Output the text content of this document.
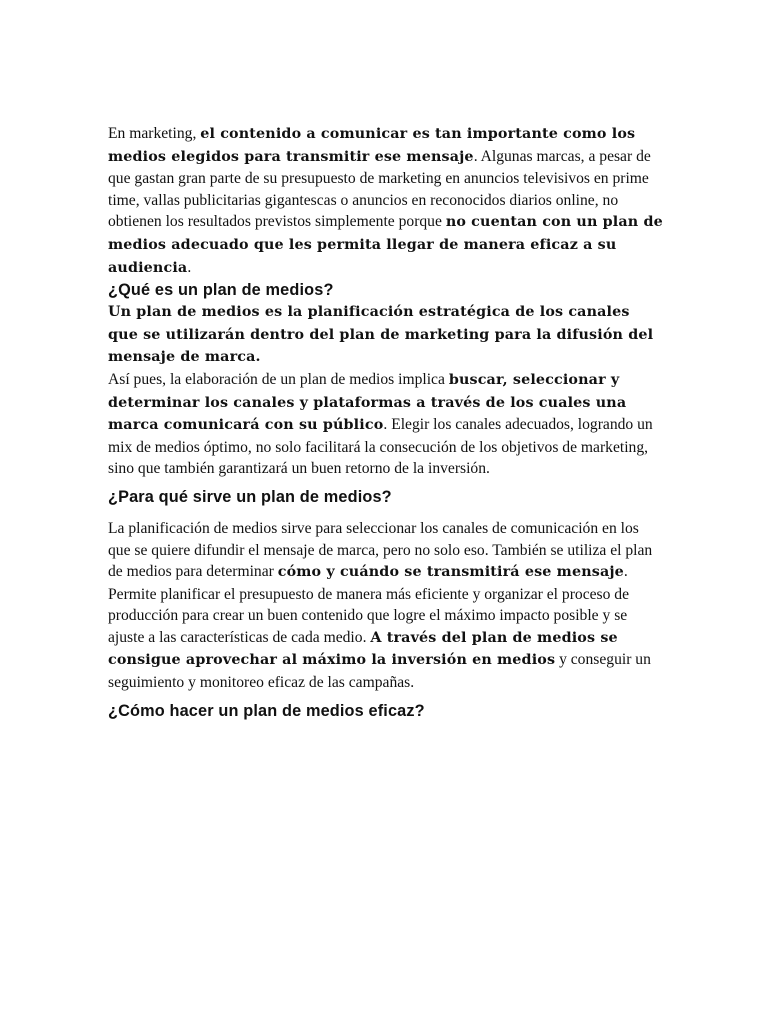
En marketing, el contenido a comunicar es tan importante como los medios elegidos para transmitir ese mensaje. Algunas marcas, a pesar de que gastan gran parte de su presupuesto de marketing en anuncios televisivos en prime time, vallas publicitarias gigantescas o anuncios en reconocidos diarios online, no obtienen los resultados previstos simplemente porque no cuentan con un plan de medios adecuado que les permita llegar de manera eficaz a su audiencia.

¿Qué es un plan de medios?

Un plan de medios es la planificación estratégica de los canales que se utilizarán dentro del plan de marketing para la difusión del mensaje de marca.

Así pues, la elaboración de un plan de medios implica buscar, seleccionar y determinar los canales y plataformas a través de los cuales una marca comunicará con su público. Elegir los canales adecuados, logrando un mix de medios óptimo, no solo facilitará la consecución de los objetivos de marketing, sino que también garantizará un buen retorno de la inversión.

¿Para qué sirve un plan de medios?

La planificación de medios sirve para seleccionar los canales de comunicación en los que se quiere difundir el mensaje de marca, pero no solo eso. También se utiliza el plan de medios para determinar cómo y cuándo se transmitirá ese mensaje. Permite planificar el presupuesto de manera más eficiente y organizar el proceso de producción para crear un buen contenido que logre el máximo impacto posible y se ajuste a las características de cada medio. A través del plan de medios se consigue aprovechar al máximo la inversión en medios y conseguir un seguimiento y monitoreo eficaz de las campañas.

¿Cómo hacer un plan de medios eficaz?
